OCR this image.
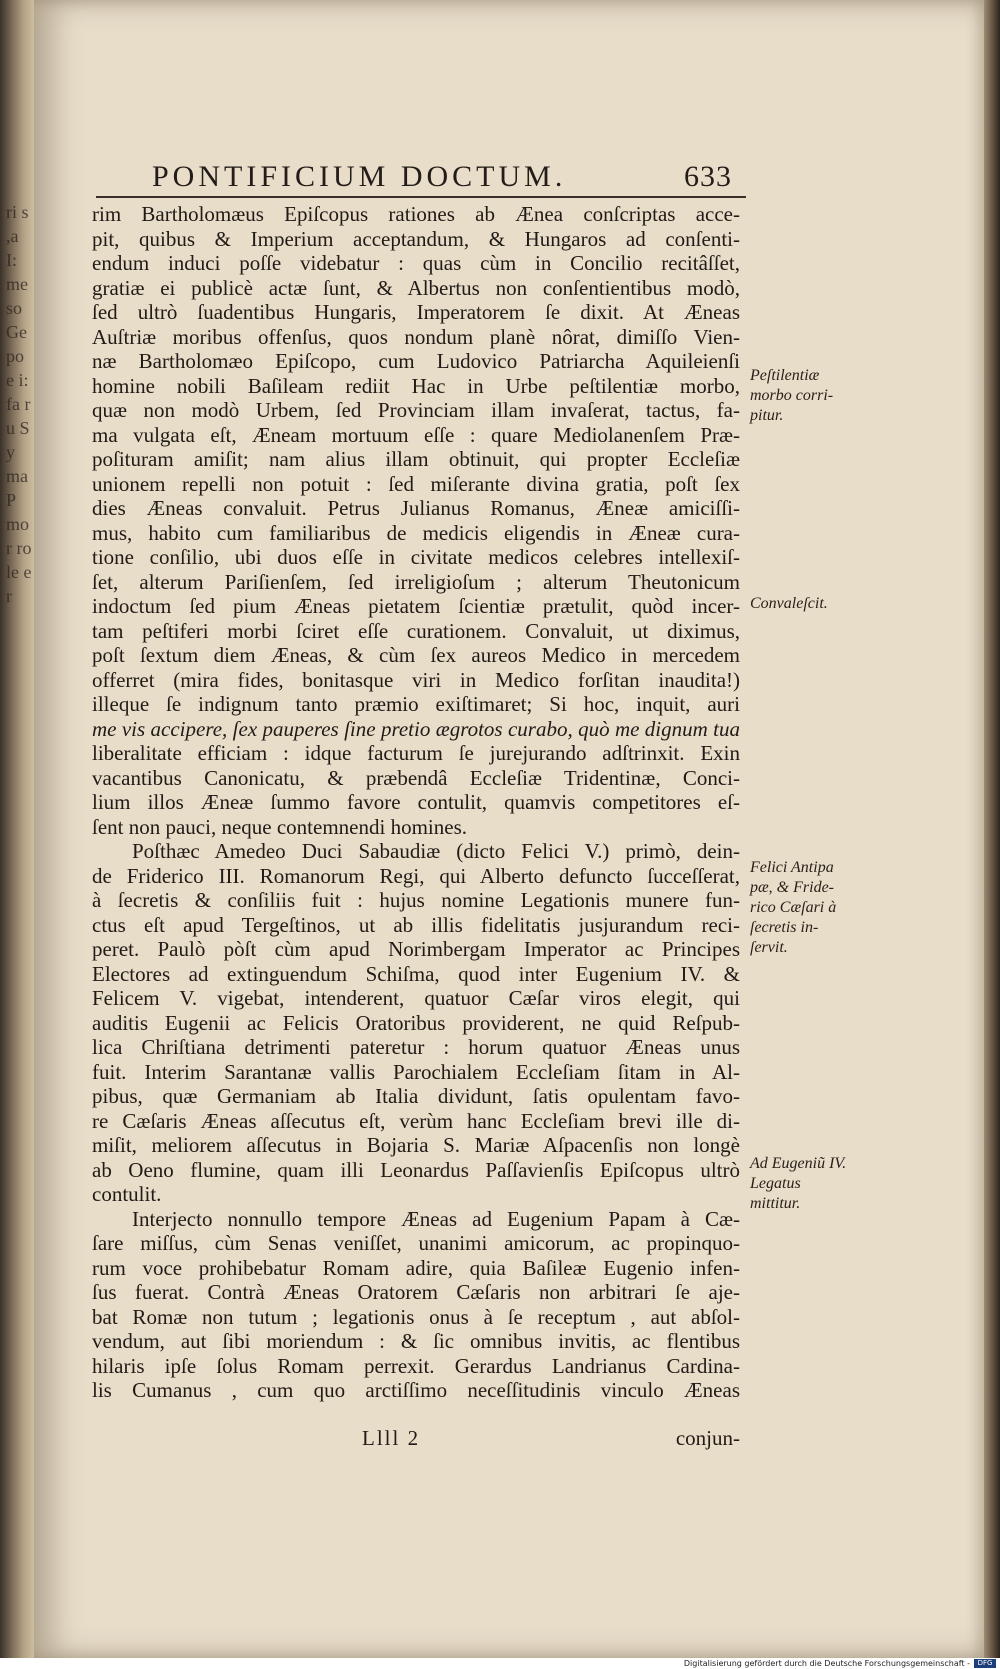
ri s ,a I: me so Ge po e i: fa ru Sy ma P mo r ro le e r
PONTIFICIUM DOCTUM.	633
rim Bartholomæus Epiſcopus rationes ab Ænea conſcriptas acce-
pit, quibus & Imperium acceptandum, & Hungaros ad conſenti-
endum induci poſſe videbatur : quas cùm in Concilio recitâſſet,
gratiæ ei publicè actæ ſunt, & Albertus non conſentientibus modò,
ſed ultrò ſuadentibus Hungaris, Imperatorem ſe dixit. At Æneas
Auſtriæ moribus offenſus, quos nondum planè nôrat, dimiſſo Vien-
næ Bartholomæo Epiſcopo, cum Ludovico Patriarcha Aquileienſi
homine nobili Baſileam rediit Hac in Urbe peſtilentiæ morbo,
quæ non modò Urbem, ſed Provinciam illam invaſerat, tactus, fa-
ma vulgata eſt, Æneam mortuum eſſe : quare Mediolanenſem Præ-
poſituram amiſit; nam alius illam obtinuit, qui propter Eccleſiæ
unionem repelli non potuit : ſed miſerante divina gratia, poſt ſex
dies Æneas convaluit. Petrus Julianus Romanus, Æneæ amiciſſi-
mus, habito cum familiaribus de medicis eligendis in Æneæ cura-
tione conſilio, ubi duos eſſe in civitate medicos celebres intellexiſ-
ſet, alterum Pariſienſem, ſed irreligioſum ; alterum Theutonicum
indoctum ſed pium Æneas pietatem ſcientiæ prætulit, quòd incer-
tam peſtiferi morbi ſciret eſſe curationem. Convaluit, ut diximus,
poſt ſextum diem Æneas, & cùm ſex aureos Medico in mercedem
offerret (mira fides, bonitasque viri in Medico forſitan inaudita!)
illeque ſe indignum tanto præmio exiſtimaret; Si hoc, inquit, auri
me vis accipere, ſex pauperes ſine pretio ægrotos curabo, quò me dignum tua
liberalitate efficiam : idque facturum ſe jurejurando adſtrinxit. Exin
vacantibus Canonicatu, & præbendâ Eccleſiæ Tridentinæ, Conci-
lium illos Æneæ ſummo favore contulit, quamvis competitores eſ-
ſent non pauci, neque contemnendi homines.
Poſthæc Amedeo Duci Sabaudiæ (dicto Felici V.) primò, dein-
de Friderico III. Romanorum Regi, qui Alberto defuncto ſucceſſerat,
à ſecretis & conſiliis fuit : hujus nomine Legationis munere fun-
ctus eſt apud Tergeſtinos, ut ab illis fidelitatis jusjurandum reci-
peret. Paulò pòſt cùm apud Norimbergam Imperator ac Principes
Electores ad extinguendum Schiſma, quod inter Eugenium IV. &
Felicem V. vigebat, intenderent, quatuor Cæſar viros elegit, qui
auditis Eugenii ac Felicis Oratoribus providerent, ne quid Reſpub-
lica Chriſtiana detrimenti pateretur : horum quatuor Æneas unus
fuit. Interim Sarantanæ vallis Parochialem Eccleſiam ſitam in Al-
pibus, quæ Germaniam ab Italia dividunt, ſatis opulentam favo-
re Cæſaris Æneas aſſecutus eſt, verùm hanc Eccleſiam brevi ille di-
miſit, meliorem aſſecutus in Bojaria S. Mariæ Aſpacenſis non longè
ab Oeno flumine, quam illi Leonardus Paſſavienſis Epiſcopus ultrò
contulit.
Interjecto nonnullo tempore Æneas ad Eugenium Papam à Cæ-
ſare miſſus, cùm Senas veniſſet, unanimi amicorum, ac propinquo-
rum voce prohibebatur Romam adire, quia Baſileæ Eugenio infen-
ſus fuerat. Contrà Æneas Oratorem Cæſaris non arbitrari ſe aje-
bat Romæ non tutum ; legationis onus à ſe receptum , aut abſol-
vendum, aut ſibi moriendum : & ſic omnibus invitis, ac flentibus
hilaris ipſe ſolus Romam perrexit. Gerardus Landrianus Cardina-
lis Cumanus , cum quo arctiſſimo neceſſitudinis vinculo Æneas
Peſtilentiæ morbo corri-pitur.
Convaleſcit.
Felici Antipa pæ, & Fride-rico Cæſari à ſecretis in-ſervit.
Ad Eugeniũ IV. Legatus mittitur.
Llll 2	conjun-
Digitalisierung gefördert durch die Deutsche Forschungsgemeinschaft -	DFG
